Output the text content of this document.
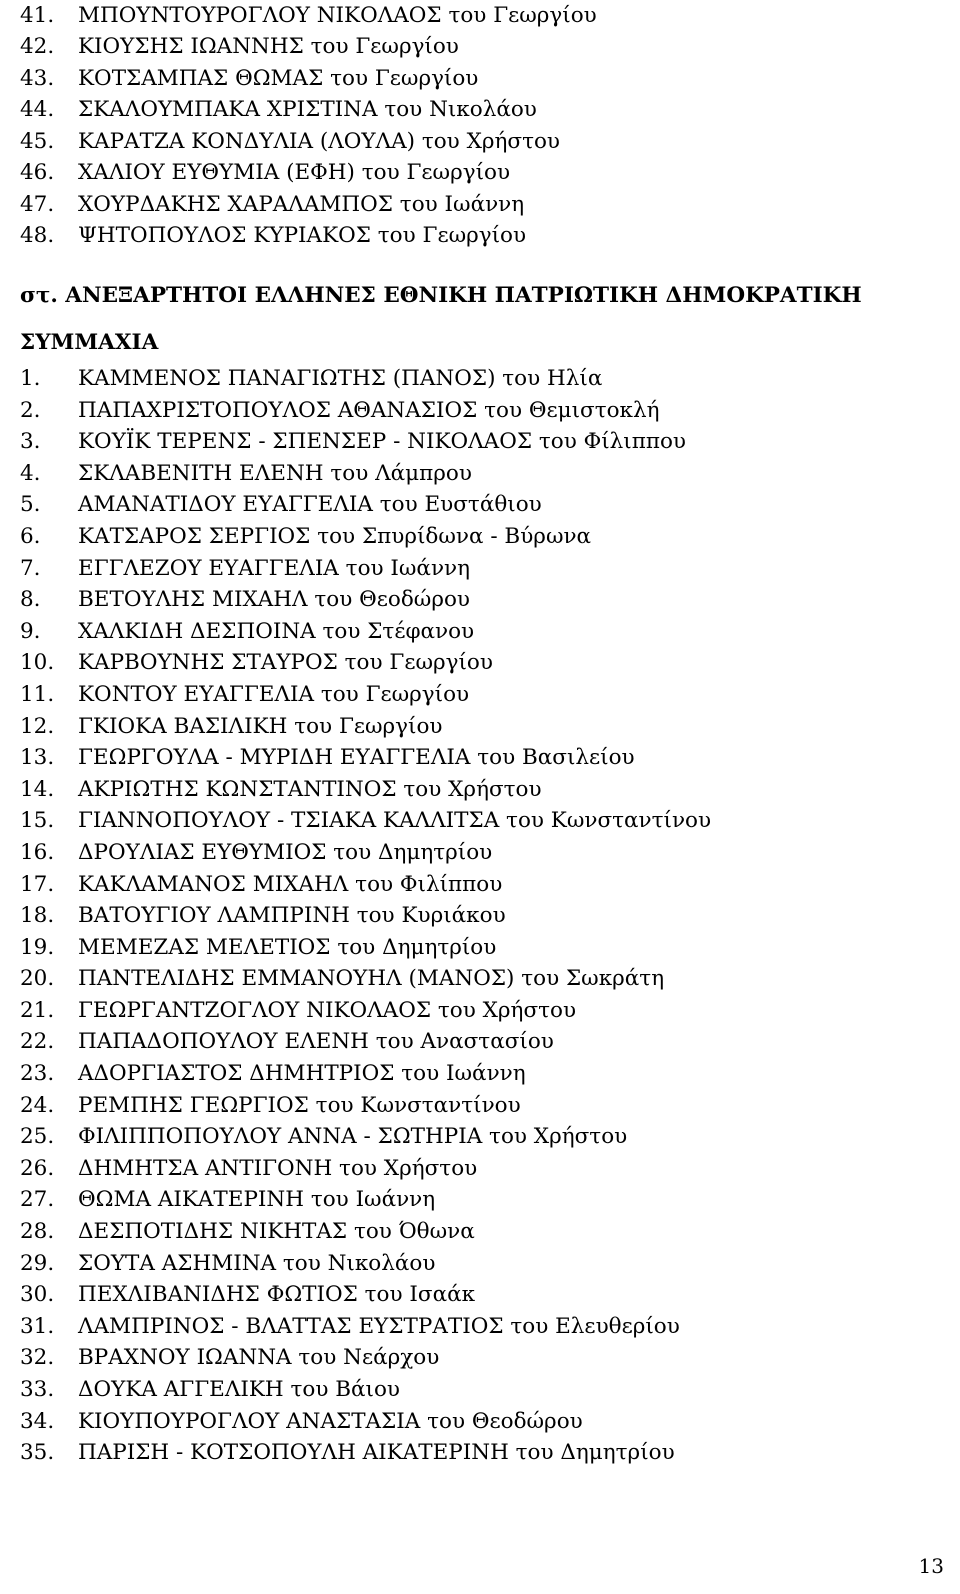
41.	ΜΠΟΥΝΤΟΥΡΟΓΛΟΥ ΝΙΚΟΛΑΟΣ του Γεωργίου
42.	ΚΙΟΥΣΗΣ ΙΩΑΝΝΗΣ του Γεωργίου
43.	ΚΟΤΣΑΜΠΑΣ ΘΩΜΑΣ του Γεωργίου
44.	ΣΚΑΛΟΥΜΠΑΚΑ ΧΡΙΣΤΙΝΑ του Νικολάου
45.	ΚΑΡΑΤΖΑ ΚΟΝΔΥΛΙΑ (ΛΟΥΛΑ) του Χρήστου
46.	ΧΑΛΙΟΥ ΕΥΘΥΜΙΑ (ΕΦΗ) του Γεωργίου
47.	ΧΟΥΡΔΑΚΗΣ ΧΑΡΑΛΑΜΠΟΣ του Ιωάννη
48.	ΨΗΤΟΠΟΥΛΟΣ ΚΥΡΙΑΚΟΣ του Γεωργίου
στ. ΑΝΕΞΑΡΤΗΤΟΙ ΕΛΛΗΝΕΣ ΕΘΝΙΚΗ ΠΑΤΡΙΩΤΙΚΗ ΔΗΜΟΚΡΑΤΙΚΗ ΣΥΜΜΑΧΙΑ
1.	ΚΑΜΜΕΝΟΣ ΠΑΝΑΓΙΩΤΗΣ (ΠΑΝΟΣ) του Ηλία
2.	ΠΑΠΑΧΡΙΣΤΟΠΟΥΛΟΣ ΑΘΑΝΑΣΙΟΣ του Θεμιστοκλή
3.	ΚΟΥΪΚ ΤΕΡΕΝΣ - ΣΠΕΝΣΕΡ - ΝΙΚΟΛΑΟΣ του Φίλιππου
4.	ΣΚΛΑΒΕΝΙΤΗ ΕΛΕΝΗ του Λάμπρου
5.	ΑΜΑΝΑΤΙΔΟΥ ΕΥΑΓΓΕΛΙΑ του Ευστάθιου
6.	ΚΑΤΣΑΡΟΣ ΣΕΡΓΙΟΣ του Σπυρίδωνα - Βύρωνα
7.	ΕΓΓΛΕΖΟΥ ΕΥΑΓΓΕΛΙΑ του Ιωάννη
8.	ΒΕΤΟΥΛΗΣ ΜΙΧΑΗΛ του Θεοδώρου
9.	ΧΑΛΚΙΔΗ ΔΕΣΠΟΙΝΑ του Στέφανου
10.	ΚΑΡΒΟΥΝΗΣ ΣΤΑΥΡΟΣ του Γεωργίου
11.	ΚΟΝΤΟΥ ΕΥΑΓΓΕΛΙΑ του Γεωργίου
12.	ΓΚΙΟΚΑ ΒΑΣΙΛΙΚΗ του Γεωργίου
13.	ΓΕΩΡΓΟΥΛΑ - ΜΥΡΙΔΗ ΕΥΑΓΓΕΛΙΑ του Βασιλείου
14.	ΑΚΡΙΩΤΗΣ ΚΩΝΣΤΑΝΤΙΝΟΣ του Χρήστου
15.	ΓΙΑΝΝΟΠΟΥΛΟΥ - ΤΣΙΑΚΑ ΚΑΛΛΙΤΣΑ του Κωνσταντίνου
16.	ΔΡΟΥΛΙΑΣ ΕΥΘΥΜΙΟΣ του Δημητρίου
17.	ΚΑΚΛΑΜΑΝΟΣ ΜΙΧΑΗΛ του Φιλίππου
18.	ΒΑΤΟΥΓΙΟΥ ΛΑΜΠΡΙΝΗ του Κυριάκου
19.	ΜΕΜΕΖΑΣ ΜΕΛΕΤΙΟΣ του Δημητρίου
20.	ΠΑΝΤΕΛΙΔΗΣ ΕΜΜΑΝΟΥΗΛ (ΜΑΝΟΣ) του Σωκράτη
21.	ΓΕΩΡΓΑΝΤΖΟΓΛΟΥ ΝΙΚΟΛΑΟΣ του Χρήστου
22.	ΠΑΠΑΔΟΠΟΥΛΟΥ ΕΛΕΝΗ του Αναστασίου
23.	ΑΔΟΡΓΙΑΣΤΟΣ ΔΗΜΗΤΡΙΟΣ του Ιωάννη
24.	ΡΕΜΠΗΣ ΓΕΩΡΓΙΟΣ του Κωνσταντίνου
25.	ΦΙΛΙΠΠΟΠΟΥΛΟΥ ΑΝΝΑ - ΣΩΤΗΡΙΑ του Χρήστου
26.	ΔΗΜΗΤΣΑ ΑΝΤΙΓΟΝΗ του Χρήστου
27.	ΘΩΜΑ ΑΙΚΑΤΕΡΙΝΗ του Ιωάννη
28.	ΔΕΣΠΟΤΙΔΗΣ ΝΙΚΗΤΑΣ του Όθωνα
29.	ΣΟΥΤΑ ΑΣΗΜΙΝΑ του Νικολάου
30.	ΠΕΧΛΙΒΑΝΙΔΗΣ ΦΩΤΙΟΣ του Ισαάκ
31.	ΛΑΜΠΡΙΝΟΣ - ΒΛΑΤΤΑΣ ΕΥΣΤΡΑΤΙΟΣ του Ελευθερίου
32.	ΒΡΑΧΝΟΥ ΙΩΑΝΝΑ του Νεάρχου
33.	ΔΟΥΚΑ ΑΓΓΕΛΙΚΗ του Βάιου
34.	ΚΙΟΥΠΟΥΡΟΓΛΟΥ ΑΝΑΣΤΑΣΙΑ του Θεοδώρου
35.	ΠΑΡΙΣΗ - ΚΟΤΣΟΠΟΥΛΗ ΑΙΚΑΤΕΡΙΝΗ του Δημητρίου
13
